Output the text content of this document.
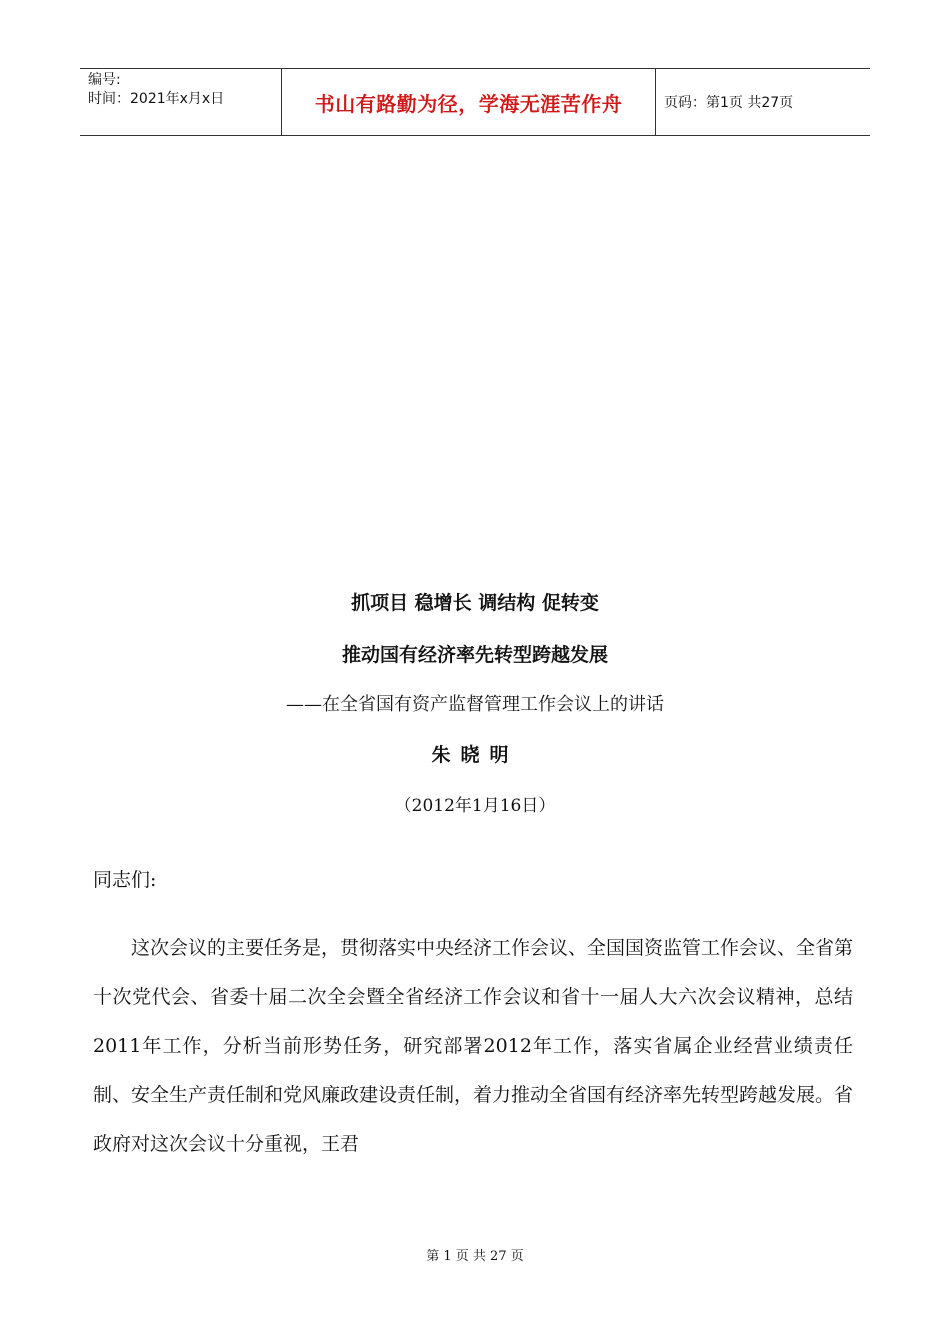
编号:
时间：2021年x月x日	书山有路勤为径，学海无涯苦作舟	页码：第1页 共27页
抓项目 稳增长 调结构 促转变
推动国有经济率先转型跨越发展
——在全省国有资产监督管理工作会议上的讲话
朱晓明
（2012年1月16日）
同志们:
这次会议的主要任务是，贯彻落实中央经济工作会议、全国国资监管工作会议、全省第十次党代会、省委十届二次全会暨全省经济工作会议和省十一届人大六次会议精神，总结2011年工作，分析当前形势任务，研究部署2012年工作，落实省属企业经营业绩责任制、安全生产责任制和党风廉政建设责任制，着力推动全省国有经济率先转型跨越发展。省政府对这次会议十分重视，王君
第 1 页 共 27 页
